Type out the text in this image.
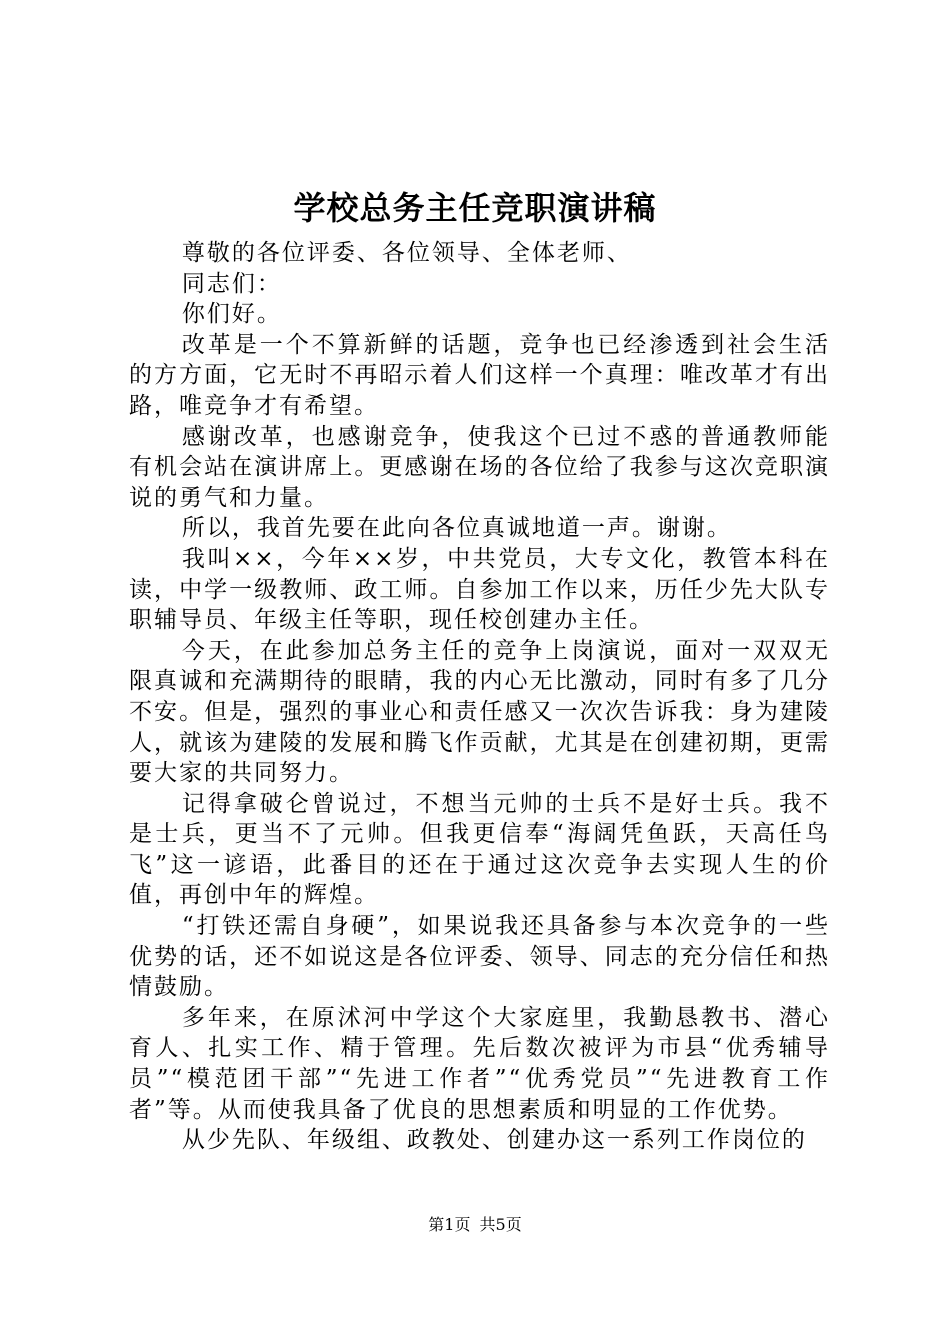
学校总务主任竞职演讲稿

尊敬的各位评委、各位领导、全体老师、

同志们：

你们好。

改革是一个不算新鲜的话题，竞争也已经渗透到社会生活的方方面，它无时不再昭示着人们这样一个真理：唯改革才有出路，唯竞争才有希望。

感谢改革，也感谢竞争，使我这个已过不惑的普通教师能有机会站在演讲席上。更感谢在场的各位给了我参与这次竞职演说的勇气和力量。

所以，我首先要在此向各位真诚地道一声。谢谢。

我叫××，今年××岁，中共党员，大专文化，教管本科在读，中学一级教师、政工师。自参加工作以来，历任少先大队专职辅导员、年级主任等职，现任校创建办主任。

今天，在此参加总务主任的竞争上岗演说，面对一双双无限真诚和充满期待的眼睛，我的内心无比激动，同时有多了几分不安。但是，强烈的事业心和责任感又一次次告诉我：身为建陵人，就该为建陵的发展和腾飞作贡献，尤其是在创建初期，更需要大家的共同努力。

记得拿破仑曾说过，不想当元帅的士兵不是好士兵。我不是士兵，更当不了元帅。但我更信奉“海阔凭鱼跃，天高任鸟飞”这一谚语，此番目的还在于通过这次竞争去实现人生的价值，再创中年的辉煌。

“打铁还需自身硬”，如果说我还具备参与本次竞争的一些优势的话，还不如说这是各位评委、领导、同志的充分信任和热情鼓励。

多年来，在原沭河中学这个大家庭里，我勤恳教书、潜心育人、扎实工作、精于管理。先后数次被评为市县“优秀辅导员”“模范团干部”“先进工作者”“优秀党员”“先进教育工作者”等。从而使我具备了优良的思想素质和明显的工作优势。

从少先队、年级组、政教处、创建办这一系列工作岗位的

第1页 共5页
